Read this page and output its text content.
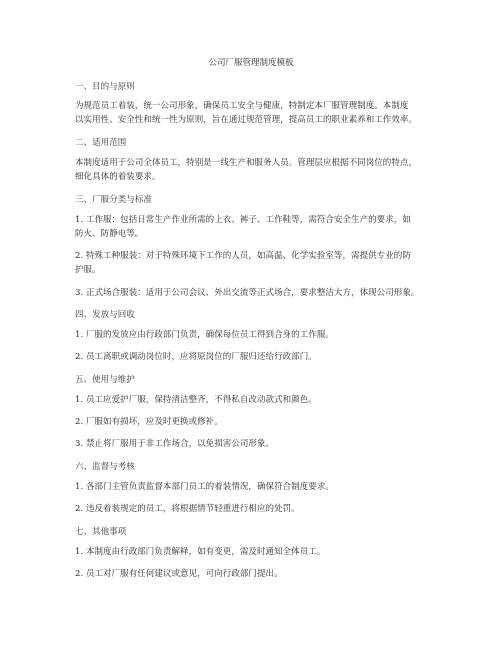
公司厂服管理制度模板
一、目的与原则
为规范员工着装，统一公司形象，确保员工安全与健康，特制定本厂服管理制度。本制度
以实用性、安全性和统一性为原则，旨在通过规范管理，提高员工的职业素养和工作效率。
二、适用范围
本制度适用于公司全体员工，特别是一线生产和服务人员。管理层应根据不同岗位的特点，
细化具体的着装要求。
三、厂服分类与标准
1. 工作服：包括日常生产作业所需的上衣、裤子、工作鞋等，需符合安全生产的要求，如
防火、防静电等。
2. 特殊工种服装：对于特殊环境下工作的人员，如高温、化学实验室等，需提供专业的防
护服。
3. 正式场合服装：适用于公司会议、外出交流等正式场合，要求整洁大方，体现公司形象。
四、发放与回收
1. 厂服的发放应由行政部门负责，确保每位员工得到合身的工作服。
2. 员工离职或调动岗位时，应将原岗位的厂服归还给行政部门。
五、使用与维护
1. 员工应爱护厂服，保持清洁整齐，不得私自改动款式和颜色。
2. 厂服如有损坏，应及时更换或修补。
3. 禁止将厂服用于非工作场合，以免损害公司形象。
六、监督与考核
1. 各部门主管负责监督本部门员工的着装情况，确保符合制度要求。
2. 违反着装规定的员工，将根据情节轻重进行相应的处罚。
七、其他事项
1. 本制度由行政部门负责解释，如有变更，需及时通知全体员工。
2. 员工对厂服有任何建议或意见，可向行政部门提出。
